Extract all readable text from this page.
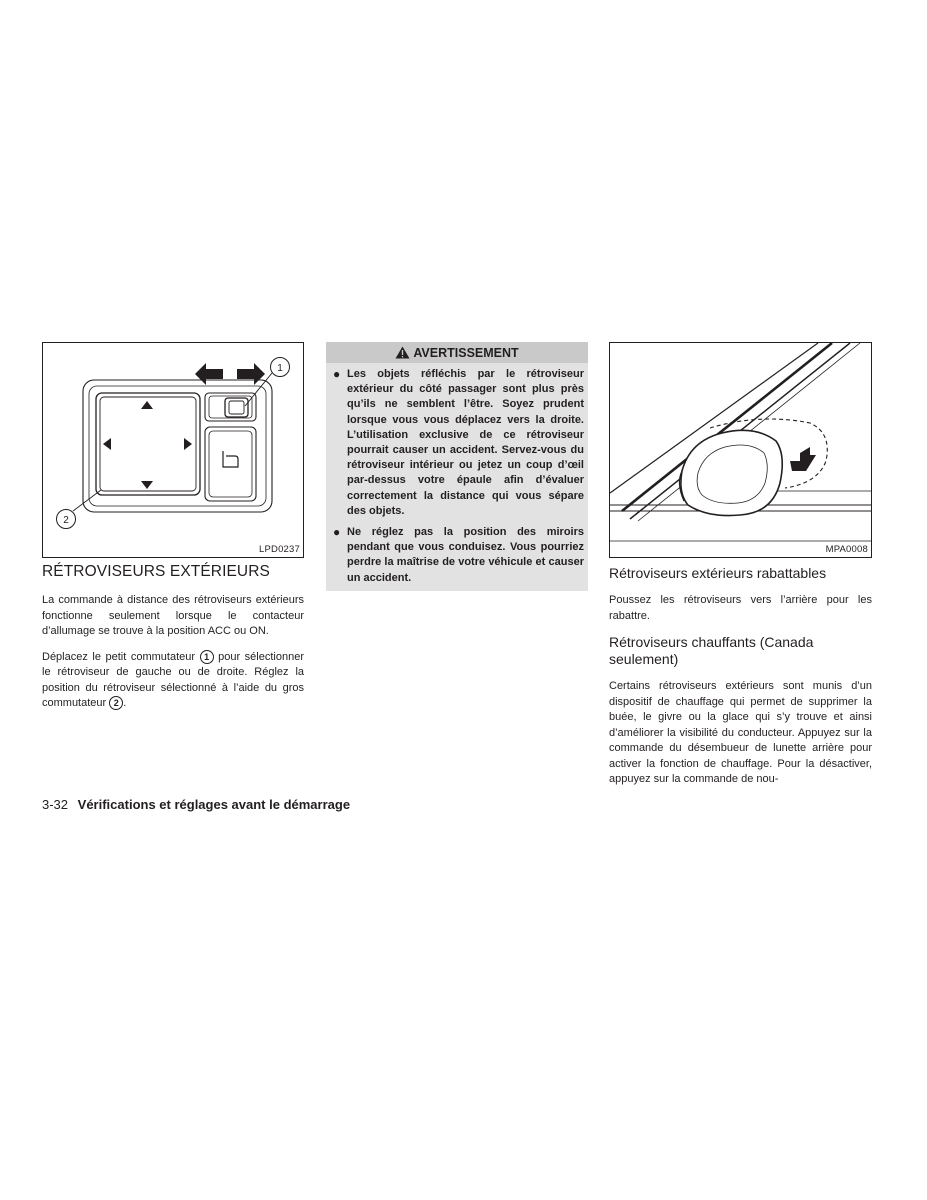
1
2
LPD0237
RÉTROVISEURS EXTÉRIEURS

La commande à distance des rétroviseurs extérieurs fonctionne seulement lorsque le contacteur d’allumage se trouve à la position ACC ou ON.

Déplacez le petit commutateur 1 pour sélectionner le rétroviseur de gauche ou de droite. Réglez la position du rétroviseur sélectionné à l’aide du gros commutateur 2 .

AVERTISSEMENT
● Les objets réfléchis par le rétroviseur extérieur du côté passager sont plus près qu’ils ne semblent l’être. Soyez prudent lorsque vous vous déplacez vers la droite. L’utilisation exclusive de ce rétroviseur pourrait causer un accident. Servez-vous du rétroviseur intérieur ou jetez un coup d’œil par-dessus votre épaule afin d’évaluer correctement la distance qui vous sépare des objets.
● Ne réglez pas la position des miroirs pendant que vous conduisez. Vous pourriez perdre la maîtrise de votre véhicule et causer un accident.
MPA0008
Rétroviseurs extérieurs rabattables

Poussez les rétroviseurs vers l’arrière pour les rabattre.

Rétroviseurs chauffants (Canada seulement)

Certains rétroviseurs extérieurs sont munis d’un dispositif de chauffage qui permet de supprimer la buée, le givre ou la glace qui s’y trouve et ainsi d’améliorer la visibilité du conducteur. Appuyez sur la commande du désembueur de lunette arrière pour activer la fonction de chauffage. Pour la désactiver, appuyez sur la commande de nou-

3-32 Vérifications et réglages avant le démarrage
